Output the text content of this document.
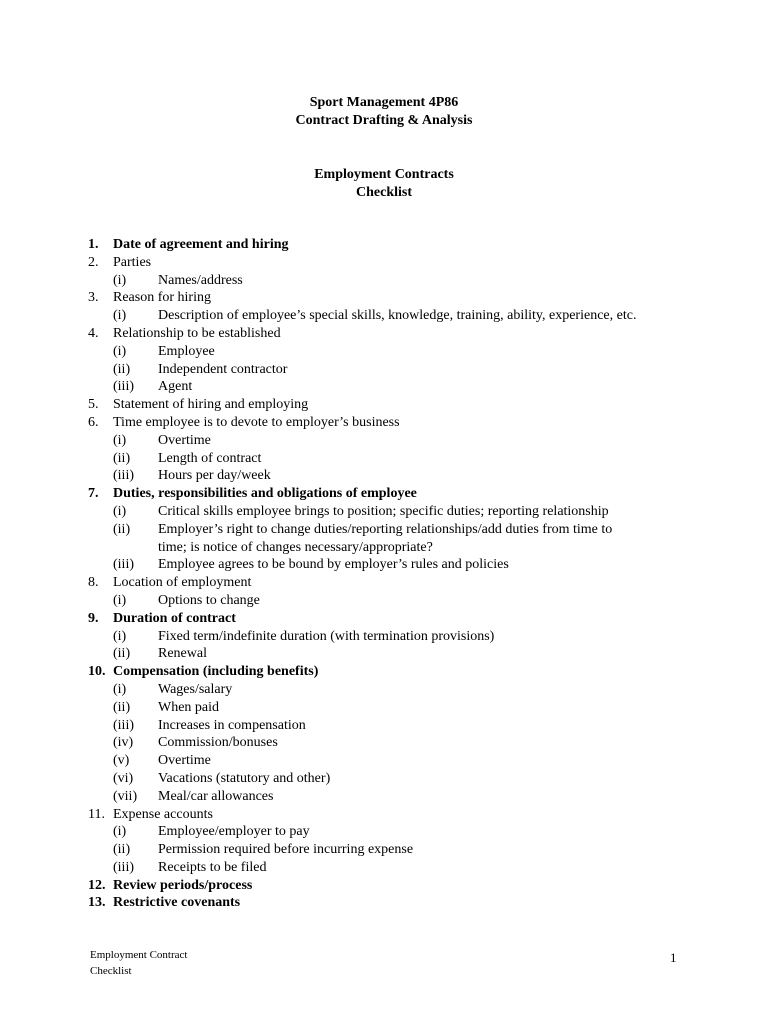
Sport Management 4P86
Contract Drafting & Analysis
Employment Contracts
Checklist
1.	Date of agreement and hiring
2.	Parties
(i)	Names/address
3.	Reason for hiring
(i)	Description of employee’s special skills, knowledge, training, ability, experience, etc.
4.	Relationship to be established
(i)	Employee
(ii)	Independent contractor
(iii)	Agent
5.	Statement of hiring and employing
6.	Time employee is to devote to employer’s business
(i)	Overtime
(ii)	Length of contract
(iii)	Hours per day/week
7.	Duties, responsibilities and obligations of employee
(i)	Critical skills employee brings to position; specific duties; reporting relationship
(ii)	Employer’s right to change duties/reporting relationships/add duties from time to
time; is notice of changes necessary/appropriate?
(iii)	Employee agrees to be bound by employer’s rules and policies
8.	Location of employment
(i)	Options to change
9.	Duration of contract
(i)	Fixed term/indefinite duration (with termination provisions)
(ii)	Renewal
10. Compensation (including benefits)
(i)	Wages/salary
(ii)	When paid
(iii)	Increases in compensation
(iv)	Commission/bonuses
(v)	Overtime
(vi)	Vacations (statutory and other)
(vii)	Meal/car allowances
11. Expense accounts
(i)	Employee/employer to pay
(ii)	Permission required before incurring expense
(iii)	Receipts to be filed
12. Review periods/process
13. Restrictive covenants
Employment Contract
Checklist
1
